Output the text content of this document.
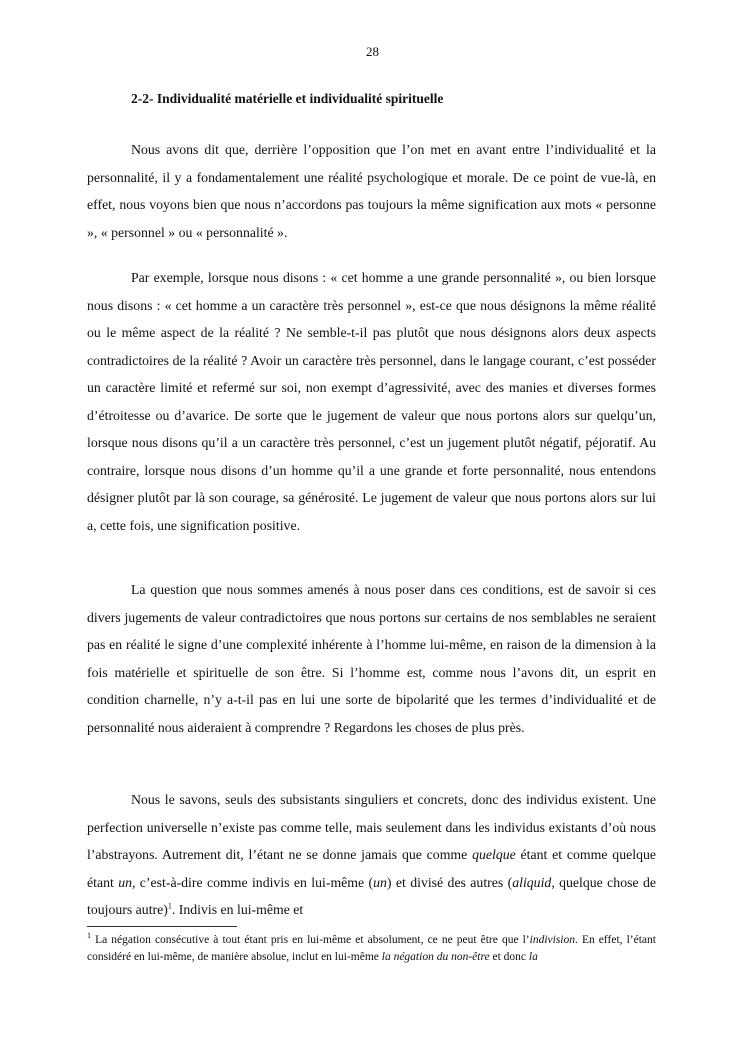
28
2-2- Individualité matérielle et individualité spirituelle

Nous avons dit que, derrière l’opposition que l’on met en avant entre l’individualité et la personnalité, il y a fondamentalement une réalité psychologique et morale. De ce point de vue-là, en effet, nous voyons bien que nous n’accordons pas toujours la même signification aux mots « personne », « personnel » ou « personnalité ».

Par exemple, lorsque nous disons : « cet homme a une grande personnalité », ou bien lorsque nous disons : « cet homme a un caractère très personnel », est-ce que nous désignons la même réalité ou le même aspect de la réalité ? Ne semble-t-il pas plutôt que nous désignons alors deux aspects contradictoires de la réalité ? Avoir un caractère très personnel, dans le langage courant, c’est posséder un caractère limité et refermé sur soi, non exempt d’agressivité, avec des manies et diverses formes d’étroitesse ou d’avarice. De sorte que le jugement de valeur que nous portons alors sur quelqu’un, lorsque nous disons qu’il a un caractère très personnel, c’est un jugement plutôt négatif, péjoratif. Au contraire, lorsque nous disons d’un homme qu’il a une grande et forte personnalité, nous entendons désigner plutôt par là son courage, sa générosité. Le jugement de valeur que nous portons alors sur lui a, cette fois, une signification positive.

La question que nous sommes amenés à nous poser dans ces conditions, est de savoir si ces divers jugements de valeur contradictoires que nous portons sur certains de nos semblables ne seraient pas en réalité le signe d’une complexité inhérente à l’homme lui-même, en raison de la dimension à la fois matérielle et spirituelle de son être. Si l’homme est, comme nous l’avons dit, un esprit en condition charnelle, n’y a-t-il pas en lui une sorte de bipolarité que les termes d’individualité et de personnalité nous aideraient à comprendre ? Regardons les choses de plus près.

Nous le savons, seuls des subsistants singuliers et concrets, donc des individus existent. Une perfection universelle n’existe pas comme telle, mais seulement dans les individus existants d’où nous l’abstrayons. Autrement dit, l’étant ne se donne jamais que comme quelque étant et comme quelque étant un, c’est-à-dire comme indivis en lui-même (un) et divisé des autres (aliquid, quelque chose de toujours autre)$^1$. Indivis en lui-même et

$^1$ La négation consécutive à tout étant pris en lui-même et absolument, ce ne peut être que l’indivision. En effet, l’étant considéré en lui-même, de manière absolue, inclut en lui-même la négation du non-être et donc la
